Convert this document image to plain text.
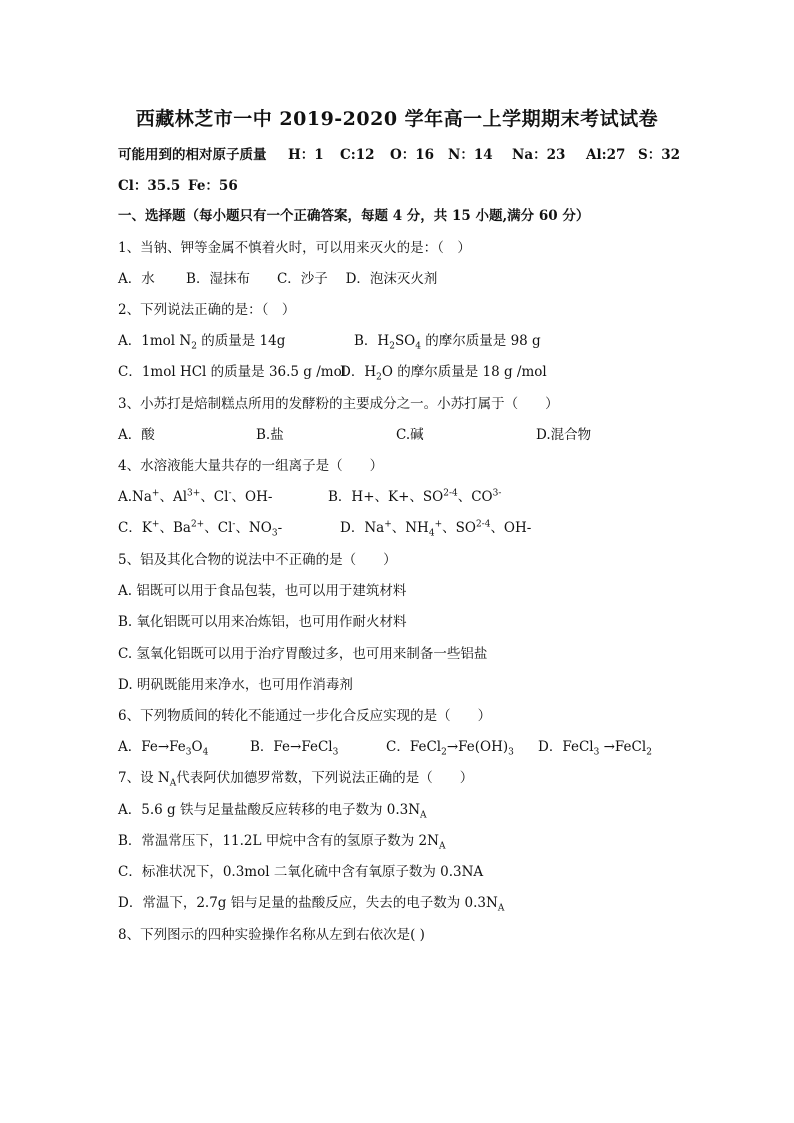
西藏林芝市一中 2019-2020 学年高一上学期期末考试试卷
可能用到的相对原子质量 H：1 C:12 O：16 N：14 Na：23 Al:27 S：32
Cl：35.5 Fe：56
一、选择题（每小题只有一个正确答案，每题 4 分，共 15 小题,满分 60 分）
1、当钠、钾等金属不慎着火时，可以用来灭火的是：（　）
A．水　　 B．湿抹布　　C．沙子　 D．泡沫灭火剂
2、下列说法正确的是：（　）
A．1mol $N_2$ 的质量是 14g	B．$H_2SO_4$ 的摩尔质量是 98 g
C．1mol HCl 的质量是 36.5 g /mol
D．$H_2O$ 的摩尔质量是 18 g /mol
3、小苏打是焙制糕点所用的发酵粉的主要成分之一。小苏打属于（　　）
A．酸	B.盐	C.碱	D.混合物
4、水溶液能大量共存的一组离子是（　　）
A.Na+、$Al^{3+}$、Cl-、OH-	B．H+、K+、$SO^{2-4}$、$CO^{3-}$
C．K+、$Ba^{2+}$、Cl-、$NO_3-$	D．Na+、$NH_4^+$、SO$^{2-4}$、OH-
5、铝及其化合物的说法中不正确的是（　　）
A. 铝既可以用于食品包装，也可以用于建筑材料
B. 氧化铝既可以用来冶炼铝，也可用作耐火材料
C. 氢氧化铝既可以用于治疗胃酸过多，也可用来制备一些铝盐
D. 明矾既能用来净水，也可用作消毒剂
6、下列物质间的转化不能通过一步化合反应实现的是（　　）
A．$Fe\to Fe_3O_4$	B．Fe→FeCl$_3$	C．$FeCl_2\to Fe(OH)_3$ D．FeCl$_3$ →FeCl$_2$
7、设 $N_A$代表阿伏加德罗常数，下列说法正确的是（　　）
A．5.6 g 铁与足量盐酸反应转移的电子数为 $0.3N_A$
B．常温常压下，11.2L 甲烷中含有的氢原子数为 $2N_A$
C．标准状况下，0.3mol 二氧化硫中含有氧原子数为 0.3NA
D．常温下，2.7g 铝与足量的盐酸反应，失去的电子数为 $0.3N_A$
8、下列图示的四种实验操作名称从左到右依次是( )
